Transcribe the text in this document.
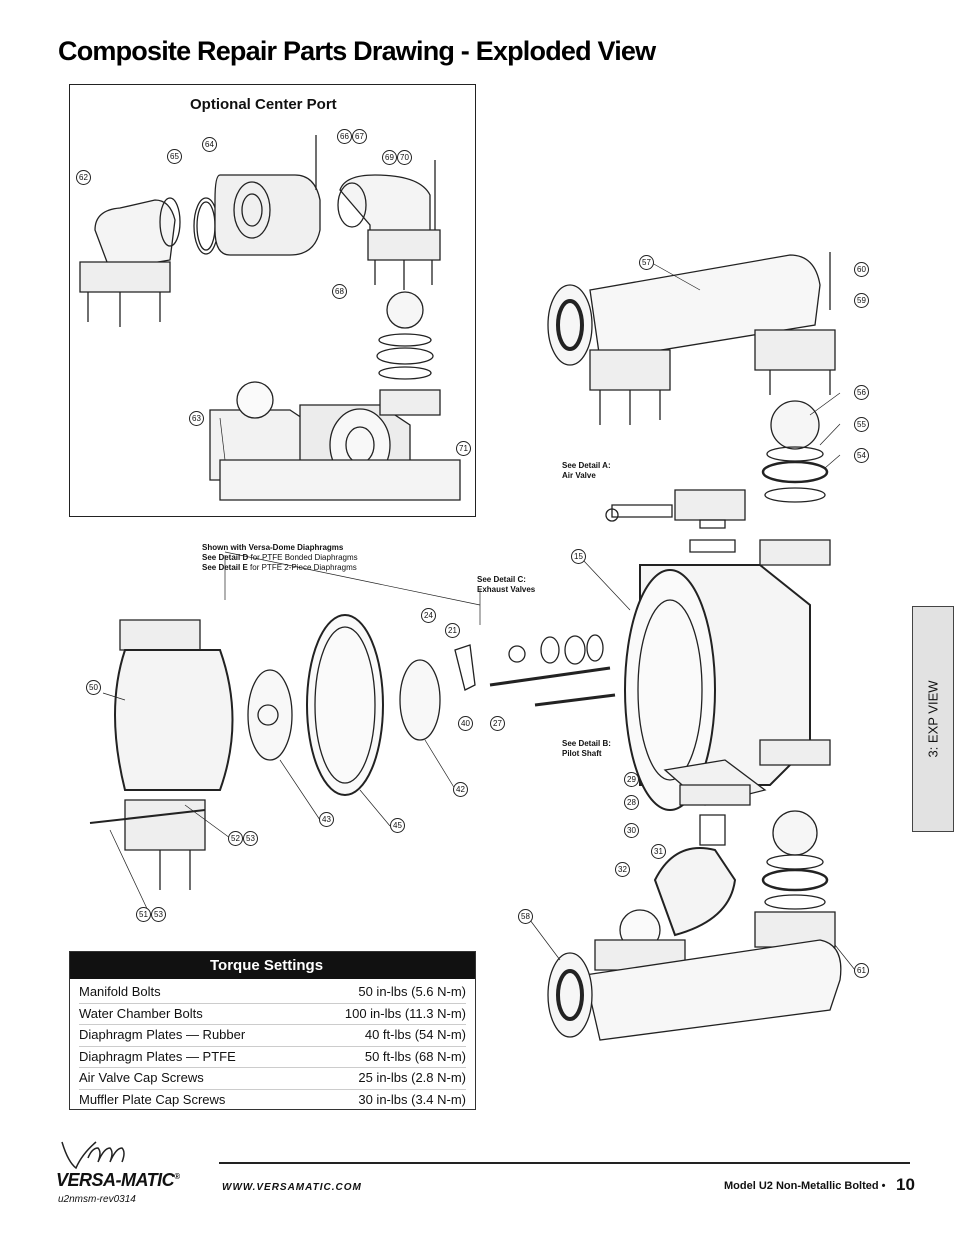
Composite Repair Parts Drawing - Exploded View
Optional Center Port
62
65
64
66 67
69 70
68
63
71
57
60
59
56
55
54
15
24
21
40	27
50
42
43
45
52 53
51 53
29
28
30
31
32
58
61
See Detail A:
Air Valve
Shown with Versa-Dome Diaphragms
See Detail D for PTFE Bonded Diaphragms
See Detail E for PTFE 2-Piece Diaphragms
See Detail C:
Exhaust Valves
See Detail B:
Pilot Shaft	3: EXP VIEW
Torque Settings
Manifold Bolts	50 in-lbs (5.6 N-m)
Water Chamber Bolts	100 in-lbs (11.3 N-m)
Diaphragm Plates — Rubber	40 ft-lbs (54 N-m)
Diaphragm Plates — PTFE	50 ft-lbs (68 N-m)
Air Valve Cap Screws	25 in-lbs (2.8 N-m)
Muffler Plate Cap Screws	30 in-lbs (3.4 N-m)
VERSA-MATIC®
u2nmsm-rev0314
WWW.VERSAMATIC.COM	Model U2 Non-Metallic Bolted • 10
